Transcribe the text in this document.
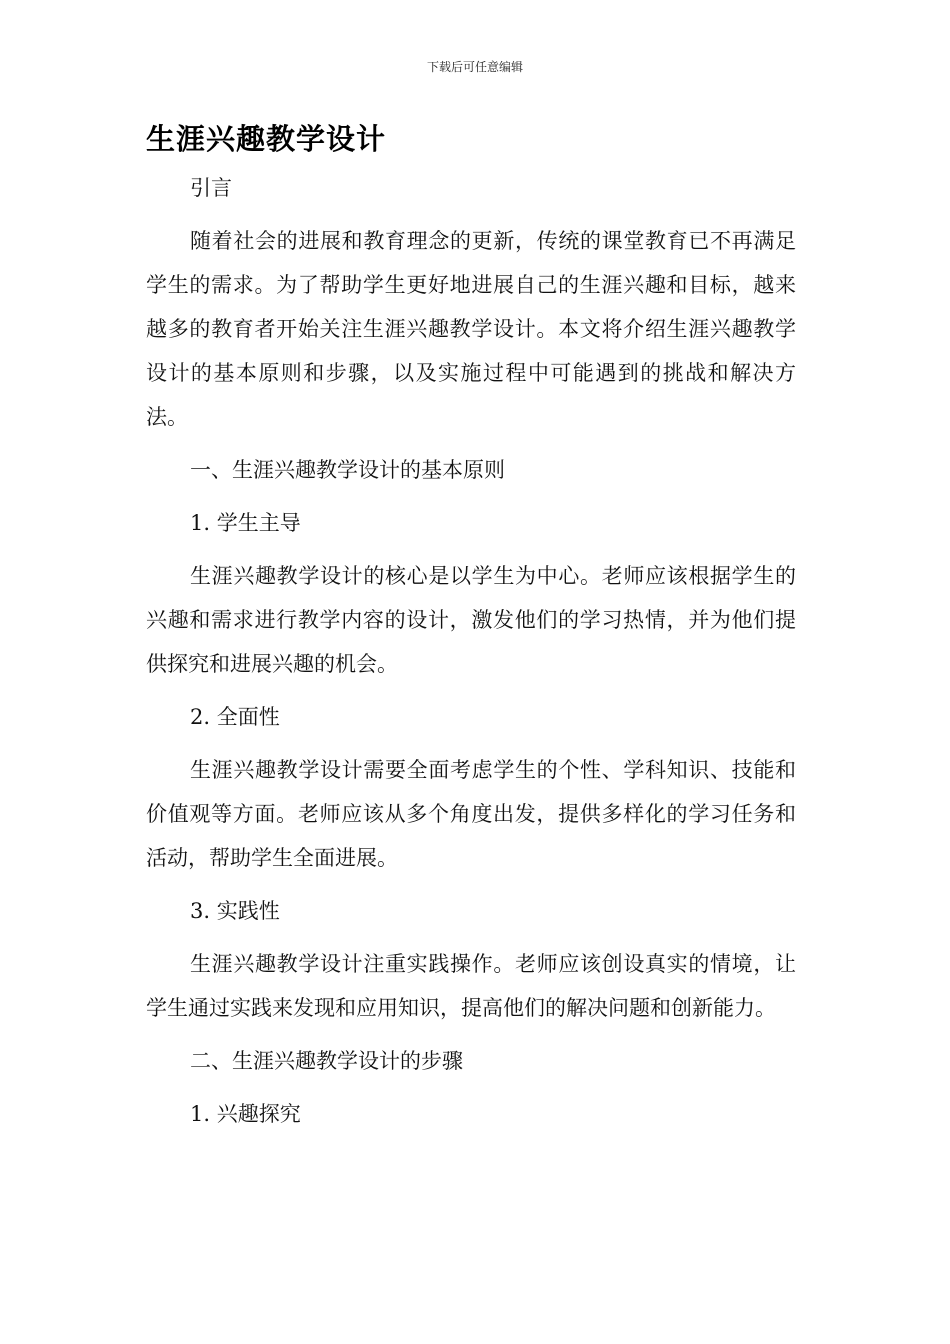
下载后可任意编辑
生涯兴趣教学设计

引言

随着社会的进展和教育理念的更新，传统的课堂教育已不再满足学生的需求。为了帮助学生更好地进展自己的生涯兴趣和目标，越来越多的教育者开始关注生涯兴趣教学设计。本文将介绍生涯兴趣教学设计的基本原则和步骤，以及实施过程中可能遇到的挑战和解决方法。

一、生涯兴趣教学设计的基本原则

1. 学生主导

生涯兴趣教学设计的核心是以学生为中心。老师应该根据学生的兴趣和需求进行教学内容的设计，激发他们的学习热情，并为他们提供探究和进展兴趣的机会。

2. 全面性

生涯兴趣教学设计需要全面考虑学生的个性、学科知识、技能和价值观等方面。老师应该从多个角度出发，提供多样化的学习任务和活动，帮助学生全面进展。

3. 实践性

生涯兴趣教学设计注重实践操作。老师应该创设真实的情境，让学生通过实践来发现和应用知识，提高他们的解决问题和创新能力。

二、生涯兴趣教学设计的步骤

1. 兴趣探究
